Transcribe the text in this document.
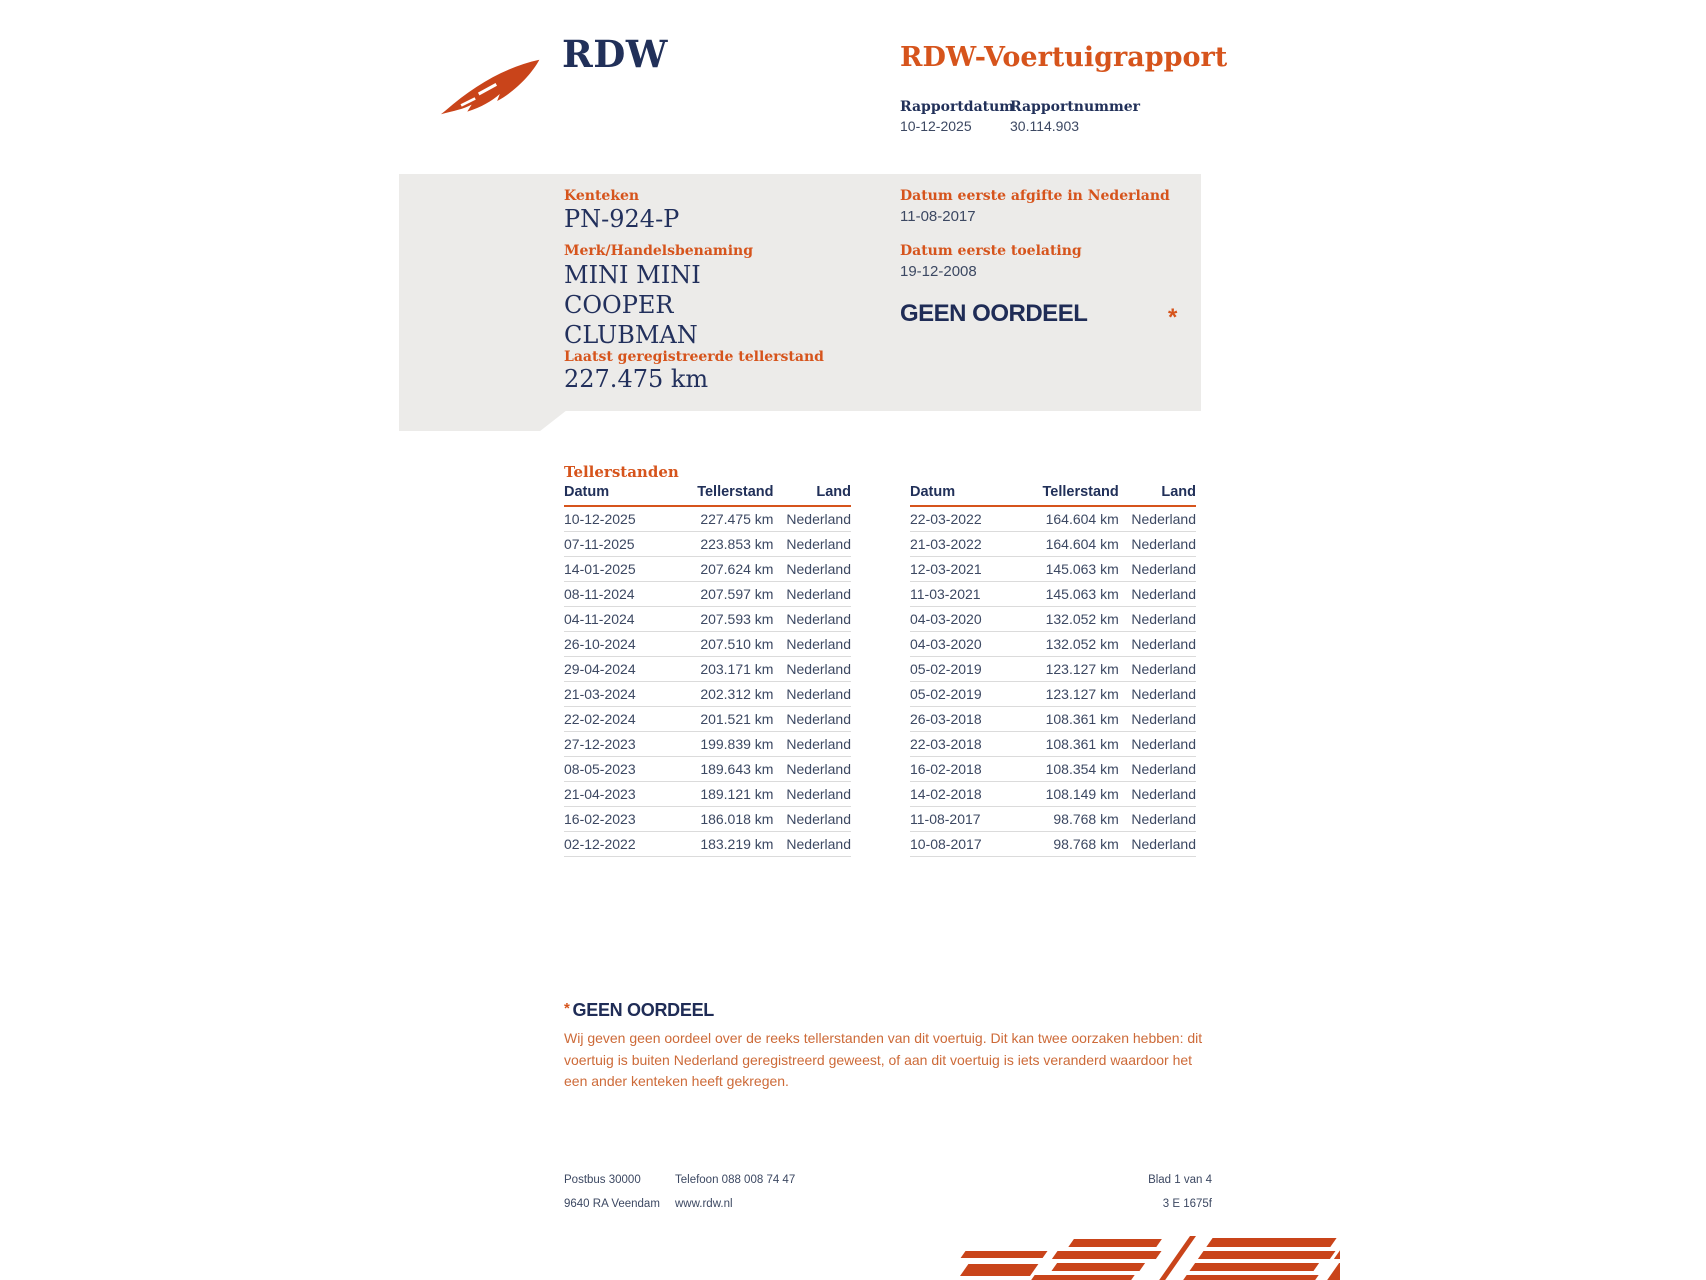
RDW	RDW-Voertuigrapport
Rapportdatum
Rapportnummer
10-12-2025	30.114.903
Kenteken
PN-924-P
Merk/Handelsbenaming
MINI MINI COOPER CLUBMAN
Laatst geregistreerde tellerstand
227.475 km
Datum eerste afgifte in Nederland
11-08-2017
Datum eerste toelating
19-12-2008
GEEN OORDEEL	*
Tellerstanden
Datum	Tellerstand	Land
10-12-2025	227.475 km	Nederland
07-11-2025	223.853 km	Nederland
14-01-2025	207.624 km	Nederland
08-11-2024	207.597 km	Nederland
04-11-2024	207.593 km	Nederland
26-10-2024	207.510 km	Nederland
29-04-2024	203.171 km	Nederland
21-03-2024	202.312 km	Nederland
22-02-2024	201.521 km	Nederland
27-12-2023	199.839 km	Nederland
08-05-2023	189.643 km	Nederland
21-04-2023	189.121 km	Nederland
16-02-2023	186.018 km	Nederland
02-12-2022	183.219 km	Nederland
Datum	Tellerstand	Land
22-03-2022	164.604 km	Nederland
21-03-2022	164.604 km	Nederland
12-03-2021	145.063 km	Nederland
11-03-2021	145.063 km	Nederland
04-03-2020	132.052 km	Nederland
04-03-2020	132.052 km	Nederland
05-02-2019	123.127 km	Nederland
05-02-2019	123.127 km	Nederland
26-03-2018	108.361 km	Nederland
22-03-2018	108.361 km	Nederland
16-02-2018	108.354 km	Nederland
14-02-2018	108.149 km	Nederland
11-08-2017	98.768 km	Nederland
10-08-2017	98.768 km	Nederland
* GEEN OORDEEL
Wij geven geen oordeel over de reeks tellerstanden van dit voertuig. Dit kan twee oorzaken hebben: dit voertuig is buiten Nederland geregistreerd geweest, of aan dit voertuig is iets veranderd waardoor het een ander kenteken heeft gekregen.
Postbus 30000
9640 RA Veendam
Telefoon 088 008 74 47
www.rdw.nl
Blad 1 van 4
3 E 1675f
